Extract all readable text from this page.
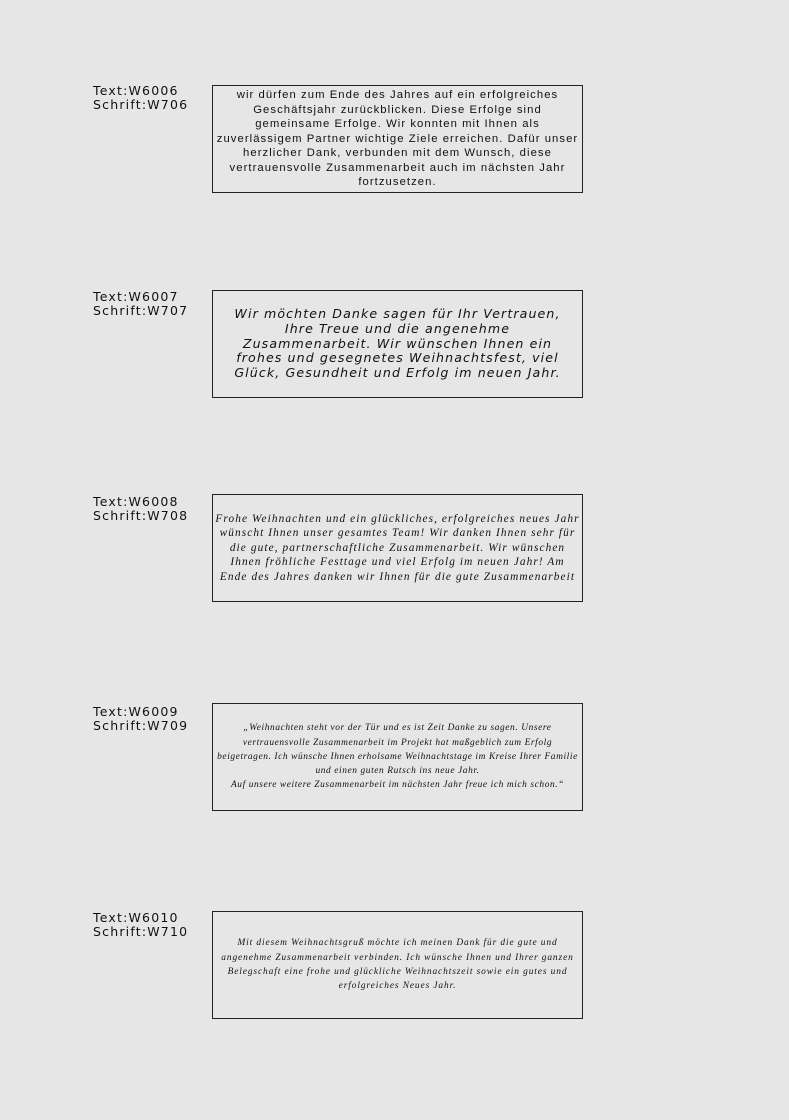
Text:W6006
Schrift:W706

wir dürfen zum Ende des Jahres auf ein erfolgreiches Geschäftsjahr zurückblicken. Diese Erfolge sind gemeinsame Erfolge. Wir konnten mit Ihnen als zuverlässigem Partner wichtige Ziele erreichen. Dafür unser herzlicher Dank, verbunden mit dem Wunsch, diese vertrauensvolle Zusammenarbeit auch im nächsten Jahr fortzusetzen.

Text:W6007
Schrift:W707	Wir möchten Danke sagen für Ihr Vertrauen, Ihre Treue und die angenehme Zusammenarbeit. Wir wünschen Ihnen ein frohes und gesegnetes Weihnachtsfest, viel Glück, Gesundheit und Erfolg im neuen Jahr.

Text:W6008
Schrift:W708 Frohe Weihnachten und ein glückliches, erfolgreiches neues Jahr wünscht Ihnen unser gesamtes Team! Wir danken Ihnen sehr für die gute, partnerschaftliche Zusammenarbeit. Wir wünschen Ihnen fröhliche Festtage und viel Erfolg im neuen Jahr! Am Ende des Jahres danken wir Ihnen für die gute Zusammenarbeit

Text:W6009
Schrift:W709	„Weihnachten steht vor der Tür und es ist Zeit Danke zu sagen. Unsere vertrauensvolle Zusammenarbeit im Projekt hat maßgeblich zum Erfolg beigetragen. Ich wünsche Ihnen erholsame Weihnachtstage im Kreise Ihrer Familie und einen guten Rutsch ins neue Jahr.

Auf unsere weitere Zusammenarbeit im nächsten Jahr freue ich mich schon.“

Text:W6010
Schrift:W710

Mit diesem Weihnachtsgruß möchte ich meinen Dank für die gute und angenehme Zusammenarbeit verbinden. Ich wünsche Ihnen und Ihrer ganzen Belegschaft eine frohe und glückliche Weihnachtszeit sowie ein gutes und erfolgreiches Neues Jahr.
